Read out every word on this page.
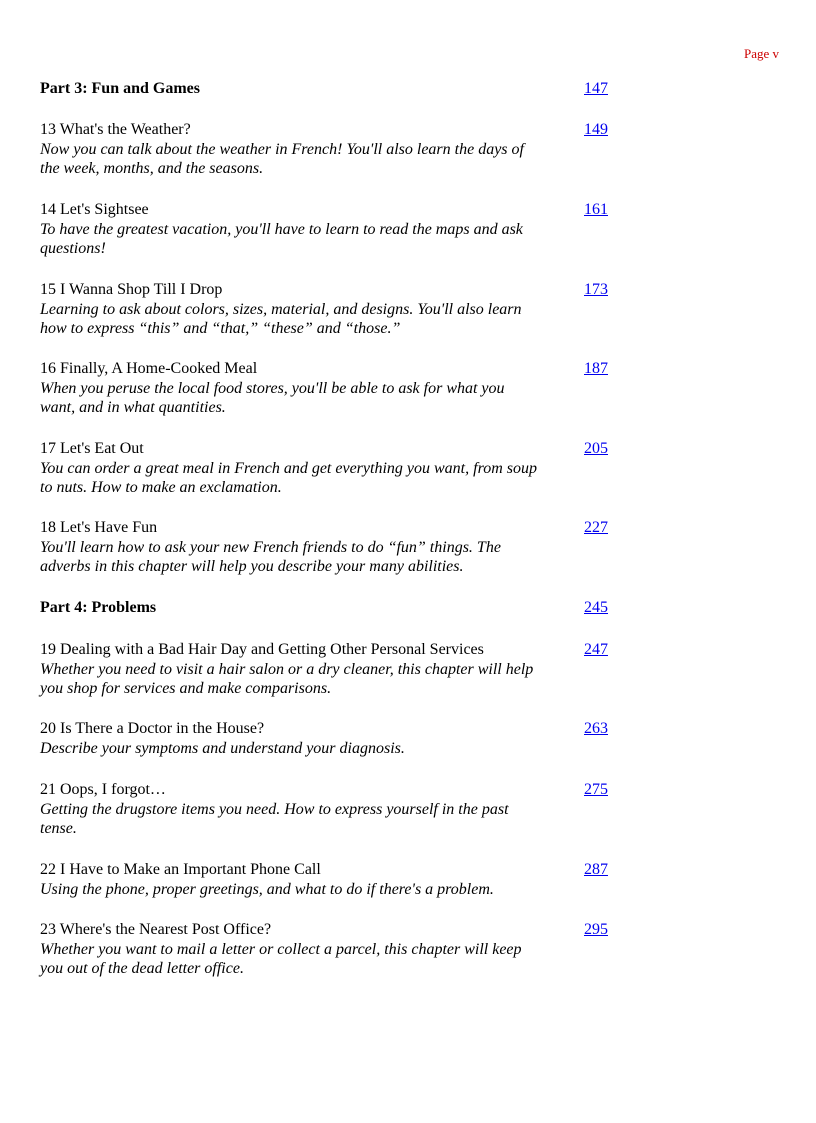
Page v
Part 3: Fun and Games	147
13 What's the Weather?
Now you can talk about the weather in French! You'll also learn the days of the week, months, and the seasons.
149
14 Let's Sightsee
To have the greatest vacation, you'll have to learn to read the maps and ask questions!
161
15 I Wanna Shop Till I Drop
Learning to ask about colors, sizes, material, and designs. You'll also learn how to express “this” and “that,” “these” and “those.”
173
16 Finally, A Home-Cooked Meal
When you peruse the local food stores, you'll be able to ask for what you want, and in what quantities.
187
17 Let's Eat Out
You can order a great meal in French and get everything you want, from soup to nuts. How to make an exclamation.
205
18 Let's Have Fun
You'll learn how to ask your new French friends to do “fun” things. The adverbs in this chapter will help you describe your many abilities.
227
Part 4: Problems	245
19 Dealing with a Bad Hair Day and Getting Other Personal Services
Whether you need to visit a hair salon or a dry cleaner, this chapter will help you shop for services and make comparisons.
247
20 Is There a Doctor in the House?
Describe your symptoms and understand your diagnosis.
263
21 Oops, I forgot…
Getting the drugstore items you need. How to express yourself in the past tense.
275
22 I Have to Make an Important Phone Call
Using the phone, proper greetings, and what to do if there's a problem.
287
23 Where's the Nearest Post Office?
Whether you want to mail a letter or collect a parcel, this chapter will keep you out of the dead letter office.
295
